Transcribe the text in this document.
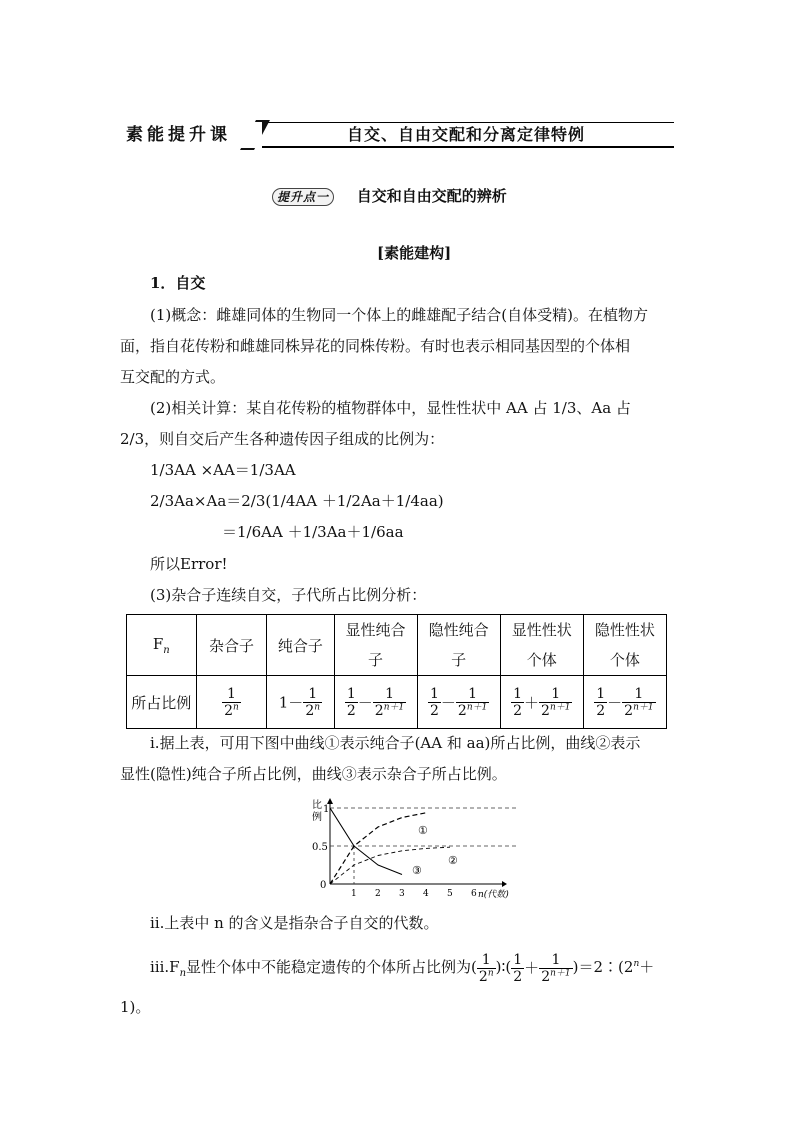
素能提升课	自交、自由交配和分离定律特例
提升点一 自交和自由交配的辨析
[素能建构]
1．自交
(1)概念：雌雄同体的生物同一个体上的雌雄配子结合(自体受精)。在植物方
面，指自花传粉和雌雄同株异花的同株传粉。有时也表示相同基因型的个体相
互交配的方式。
(2)相关计算：某自花传粉的植物群体中，显性性状中 AA 占 1/3、Aa 占
2/3，则自交后产生各种遗传因子组成的比例为：
1/3AA ×AA＝1/3AA
2/3Aa×Aa＝2/3(1/4AA ＋1/2Aa＋1/4aa)
＝1/6AA ＋1/3Aa＋1/6aa
所以Error!
(3)杂合子连续自交，子代所占比例分析：
$F_n$	杂合子	纯合子	显性纯合子	隐性纯合子	显性性状个体	隐性性状个体
所占比例	$\frac{1}{2^n}$	$1- \frac{1}{2^n}$	$\frac{1}{2} - \frac{1}{2^{n+1}}$	$\frac{1}{2} - \frac{1}{2^{n+1}}$	$\frac{1}{2} + \frac{1}{2^{n+1}}$	$\frac{1}{2} - \frac{1}{2^{n+1}}$
ⅰ.据上表，可用下图中曲线①表示纯合子(AA 和 aa)所占比例，曲线②表示
显性(隐性)纯合子所占比例，曲线③表示杂合子所占比例。
比
例
0.5
1
0
1 2 3 4 5 6 n(代数)
①
②
③
ⅱ.上表中 n 的含义是指杂合子自交的代数。
$ⅲ.F_n$显性个体中不能稳定遗传的个体所占比例为( $\frac{1}{2^n}$ )∶( $\frac{1}{2} + \frac{1}{2^{n+1}}$ )$=2∶(2^n+$
1)。
